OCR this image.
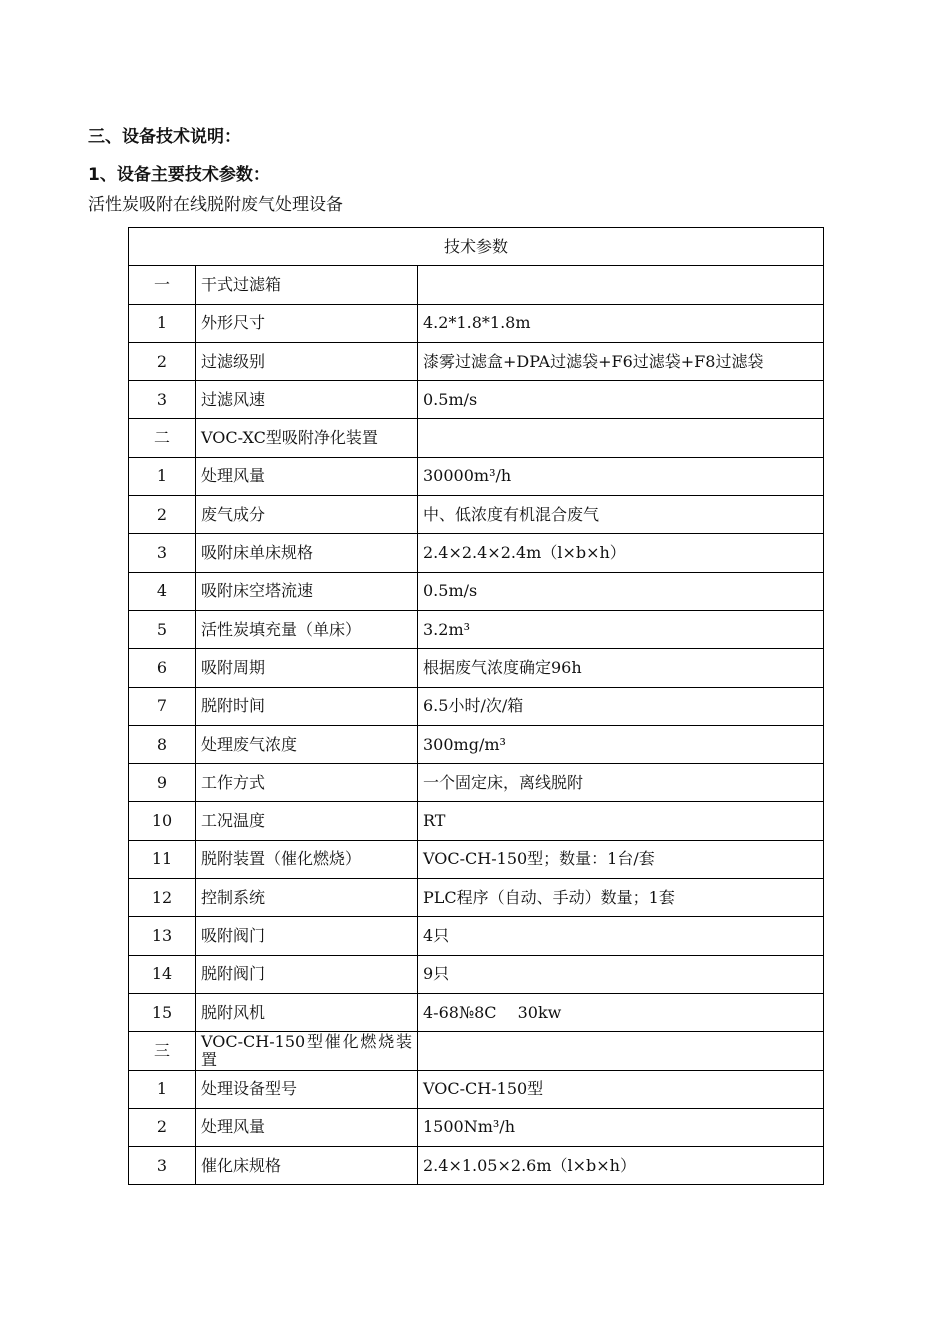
三、设备技术说明：
1、设备主要技术参数：
活性炭吸附在线脱附废气处理设备
技术参数		
一	干式过滤箱	
1	外形尺寸	4.2*1.8*1.8m
2	过滤级别	漆雾过滤盒+DPA过滤袋+F6过滤袋+F8过滤袋
3	过滤风速	0.5m/s
二	VOC-XC型吸附净化装置	
1	处理风量	30000m³/h
2	废气成分	中、低浓度有机混合废气
3	吸附床单床规格	2.4×2.4×2.4m（l×b×h）
4	吸附床空塔流速	0.5m/s
5	活性炭填充量（单床）	3.2m³
6	吸附周期	根据废气浓度确定96h
7	脱附时间	6.5小时/次/箱
8	处理废气浓度	300mg/m³
9	工作方式	一个固定床，离线脱附
10	工况温度	RT
11	脱附装置（催化燃烧）	VOC-CH-150型；数量：1台/套
12	控制系统	PLC程序（自动、手动）数量；1套
13	吸附阀门	4只
14	脱附阀门	9只
15	脱附风机	4-68№8C　 30kw
三	VOC-CH-150型催化燃烧装置	
1	处理设备型号	VOC-CH-150型
2	处理风量	1500Nm³/h
3	催化床规格	2.4×1.05×2.6m（l×b×h）
